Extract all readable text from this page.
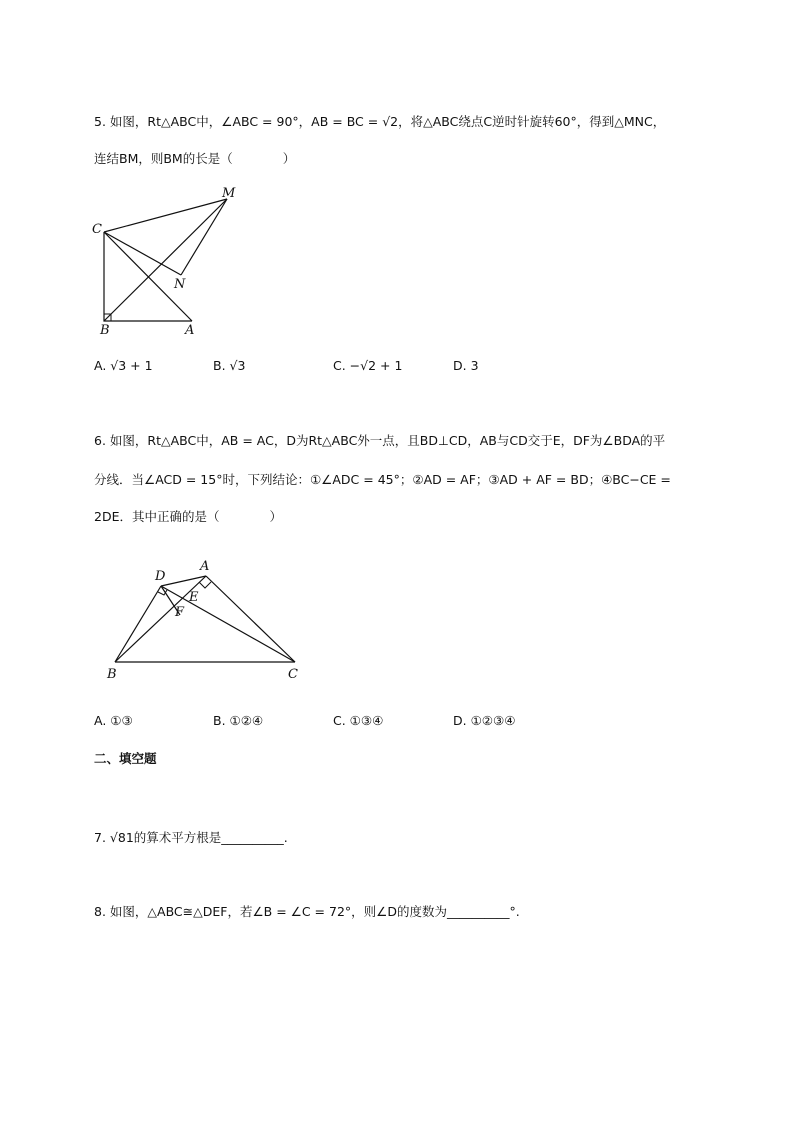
5. 如图，Rt△ABC中，∠ABC = 90°，AB = BC = √2，将△ABC绕点C逆时针旋转60°，得到△MNC，
连结BM，则BM的长是（　　　　）
C
M
N
B	A
A. √3 + 1	B. √3	C. −√2 + 1	D. 3
6. 如图，Rt△ABC中，AB = AC，D为Rt△ABC外一点，且BD⊥CD，AB与CD交于E，DF为∠BDA的平
分线．当∠ACD = 15°时，下列结论：①∠ADC = 45°；②AD = AF；③AD + AF = BD；④BC−CE =
2DE．其中正确的是（　　　　）
D
A
E
F
B	C
A. ①③	B. ①②④	C. ①③④	D. ①②③④
二、填空题
7. √81的算术平方根是__________.
8. 如图，△ABC≅△DEF，若∠B = ∠C = 72°，则∠D的度数为__________°.
